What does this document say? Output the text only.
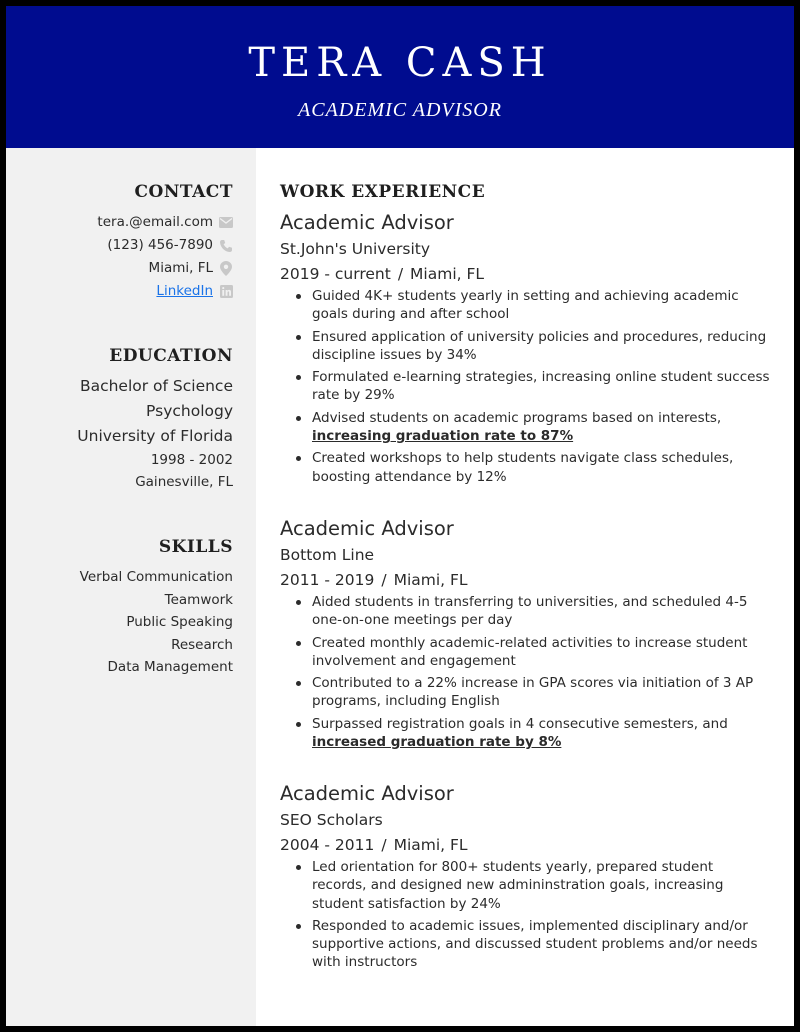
TERA CASH
ACADEMIC ADVISOR
CONTACT
tera.@email.com
(123) 456-7890
Miami, FL
LinkedIn
EDUCATION
Bachelor of Science
Psychology
University of Florida
1998 - 2002
Gainesville, FL
SKILLS
Verbal Communication
Teamwork
Public Speaking
Research
Data Management
WORK EXPERIENCE
Academic Advisor
St.John's University
2019 - current / Miami, FL
Guided 4K+ students yearly in setting and achieving academic goals during and after school
Ensured application of university policies and procedures, reducing discipline issues by 34%
Formulated e-learning strategies, increasing online student success rate by 29%
Advised students on academic programs based on interests, increasing graduation rate to 87%
Created workshops to help students navigate class schedules, boosting attendance by 12%
Academic Advisor
Bottom Line
2011 - 2019 / Miami, FL
Aided students in transferring to universities, and scheduled 4-5 one-on-one meetings per day
Created monthly academic-related activities to increase student involvement and engagement
Contributed to a 22% increase in GPA scores via initiation of 3 AP programs, including English
Surpassed registration goals in 4 consecutive semesters, and increased graduation rate by 8%
Academic Advisor
SEO Scholars
2004 - 2011 / Miami, FL
Led orientation for 800+ students yearly, prepared student records, and designed new admininstration goals, increasing student satisfaction by 24%
Responded to academic issues, implemented disciplinary and/or supportive actions, and discussed student problems and/or needs with instructors
